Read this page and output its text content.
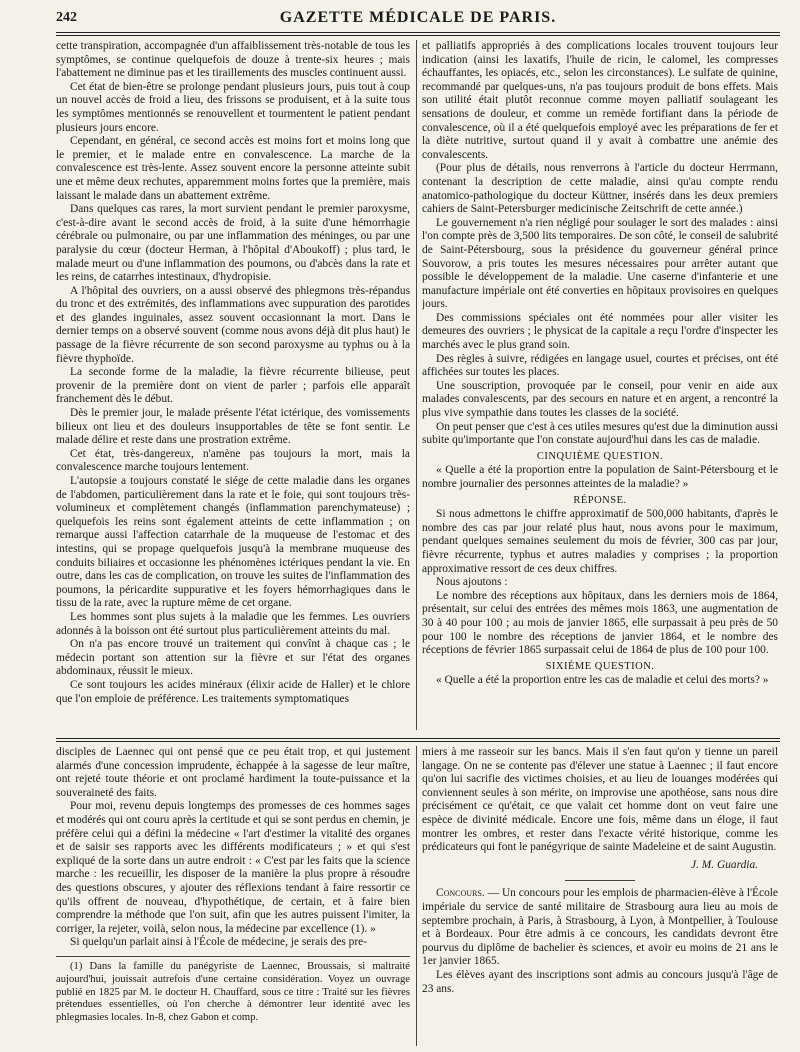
242	GAZETTE MÉDICALE DE PARIS.

cette transpiration, accompagnée d'un affaiblissement très-notable de tous les symptômes, se continue quelquefois de douze à trente-six heures ; mais l'abattement ne diminue pas et les tiraillements des muscles continuent aussi.

Cet état de bien-être se prolonge pendant plusieurs jours, puis tout à coup un nouvel accès de froid a lieu, des frissons se produisent, et à la suite tous les symptômes mentionnés se renouvellent et tourmentent le patient pendant plusieurs jours encore.

Cependant, en général, ce second accès est moins fort et moins long que le premier, et le malade entre en convalescence. La marche de la convalescence est très-lente. Assez souvent encore la personne atteinte subit une et même deux rechutes, apparemment moins fortes que la première, mais laissant le malade dans un abattement extrême.

Dans quelques cas rares, la mort survient pendant le premier paroxysme, c'est-à-dire avant le second accès de froid, à la suite d'une hémorrhagie cérébrale ou pulmonaire, ou par une inflammation des méninges, ou par une paralysie du cœur (docteur Herman, à l'hôpital d'Aboukoff) ; plus tard, le malade meurt ou d'une inflammation des poumons, ou d'abcès dans la rate et les reins, de catarrhes intestinaux, d'hydropisie.

A l'hôpital des ouvriers, on a aussi observé des phlegmons très-répandus du tronc et des extrémités, des inflammations avec suppuration des parotides et des glandes inguinales, assez souvent occasionnant la mort. Dans le dernier temps on a observé souvent (comme nous avons déjà dit plus haut) le passage de la fièvre récurrente de son second paroxysme au typhus ou à la fièvre thyphoïde.

La seconde forme de la maladie, la fièvre récurrente bilieuse, peut provenir de la première dont on vient de parler ; parfois elle apparaît franchement dès le début.

Dès le premier jour, le malade présente l'état ictérique, des vomissements bilieux ont lieu et des douleurs insupportables de tête se font sentir. Le malade délire et reste dans une prostration extrême.

Cet état, très-dangereux, n'amène pas toujours la mort, mais la convalescence marche toujours lentement.

L'autopsie a toujours constaté le siége de cette maladie dans les organes de l'abdomen, particulièrement dans la rate et le foie, qui sont toujours très-volumineux et complètement changés (inflammation parenchymateuse) ; quelquefois les reins sont également atteints de cette inflammation ; on remarque aussi l'affection catarrhale de la muqueuse de l'estomac et des intestins, qui se propage quelquefois jusqu'à la membrane muqueuse des conduits biliaires et occasionne les phénomènes ictériques pendant la vie. En outre, dans les cas de complication, on trouve les suites de l'inflammation des poumons, la péricardite suppurative et les foyers hémorrhagiques dans le tissu de la rate, avec la rupture même de cet organe.

Les hommes sont plus sujets à la maladie que les femmes. Les ouvriers adonnés à la boisson ont été surtout plus particulièrement atteints du mal.

On n'a pas encore trouvé un traitement qui convînt à chaque cas ; le médecin portant son attention sur la fièvre et sur l'état des organes abdominaux, réussit le mieux.

Ce sont toujours les acides minéraux (élixir acide de Haller) et le chlore que l'on emploie de préférence. Les traitements symptomatiques

et palliatifs appropriés à des complications locales trouvent toujours leur indication (ainsi les laxatifs, l'huile de ricin, le calomel, les compresses échauffantes, les opiacés, etc., selon les circonstances). Le sulfate de quinine, recommandé par quelques-uns, n'a pas toujours produit de bons effets. Mais son utilité était plutôt reconnue comme moyen palliatif soulageant les sensations de douleur, et comme un remède fortifiant dans la période de convalescence, où il a été quelquefois employé avec les préparations de fer et la diète nutritive, surtout quand il y avait à combattre une anémie des convalescents.

(Pour plus de détails, nous renverrons à l'article du docteur Herrmann, contenant la description de cette maladie, ainsi qu'au compte rendu anatomico-pathologique du docteur Küttner, insérés dans les deux premiers cahiers de Saint-Petersburger medicinische Zeitschrift de cette année.)

Le gouvernement n'a rien négligé pour soulager le sort des malades : ainsi l'on compte près de 3,500 lits temporaires. De son côté, le conseil de salubrité de Saint-Pétersbourg, sous la présidence du gouverneur général prince Souvorow, a pris toutes les mesures nécessaires pour arrêter autant que possible le développement de la maladie. Une caserne d'infanterie et une manufacture impériale ont été converties en hôpitaux provisoires en quelques jours.

Des commissions spéciales ont été nommées pour aller visiter les demeures des ouvriers ; le physicat de la capitale a reçu l'ordre d'inspecter les marchés avec le plus grand soin.

Des règles à suivre, rédigées en langage usuel, courtes et précises, ont été affichées sur toutes les places.

Une souscription, provoquée par le conseil, pour venir en aide aux malades convalescents, par des secours en nature et en argent, a rencontré la plus vive sympathie dans toutes les classes de la société.

On peut penser que c'est à ces utiles mesures qu'est due la diminution aussi subite qu'importante que l'on constate aujourd'hui dans les cas de maladie.

CINQUIÈME QUESTION.

« Quelle a été la proportion entre la population de Saint-Pétersbourg et le nombre journalier des personnes atteintes de la maladie? »

RÉPONSE.

Si nous admettons le chiffre approximatif de 500,000 habitants, d'après le nombre des cas par jour relaté plus haut, nous avons pour le maximum, pendant quelques semaines seulement du mois de février, 300 cas par jour, fièvre récurrente, typhus et autres maladies y comprises ; la proportion approximative ressort de ces deux chiffres.

Nous ajoutons :

Le nombre des réceptions aux hôpitaux, dans les derniers mois de 1864, présentait, sur celui des entrées des mêmes mois 1863, une augmentation de 30 à 40 pour 100 ; au mois de janvier 1865, elle surpassait à peu près de 50 pour 100 le nombre des réceptions de janvier 1864, et le nombre des réceptions de février 1865 surpassait celui de 1864 de plus de 100 pour 100.

SIXIÈME QUESTION.

« Quelle a été la proportion entre les cas de maladie et celui des morts? »

disciples de Laennec qui ont pensé que ce peu était trop, et qui justement alarmés d'une concession imprudente, échappée à la sagesse de leur maître, ont rejeté toute théorie et ont proclamé hardiment la toute-puissance et la souveraineté des faits.

Pour moi, revenu depuis longtemps des promesses de ces hommes sages et modérés qui ont couru après la certitude et qui se sont perdus en chemin, je préfère celui qui a défini la médecine « l'art d'estimer la vitalité des organes et de saisir ses rapports avec les différents modificateurs ; » et qui s'est expliqué de la sorte dans un autre endroit : « C'est par les faits que la science marche : les recueillir, les disposer de la manière la plus propre à résoudre des questions obscures, y ajouter des réflexions tendant à faire ressortir ce qu'ils offrent de nouveau, d'hypothétique, de certain, et à faire bien comprendre la méthode que l'on suit, afin que les autres puissent l'imiter, la corriger, la rejeter, voilà, selon nous, la médecine par excellence (1). »

Si quelqu'un parlait ainsi à l'École de médecine, je serais des pre-

(1) Dans la famille du panégyriste de Laennec, Broussais, si maltraité aujourd'hui, jouissait autrefois d'une certaine considération. Voyez un ouvrage publié en 1825 par M. le docteur H. Chauffard, sous ce titre : Traité sur les fièvres prétendues essentielles, où l'on cherche à démontrer leur identité avec les phlegmasies locales. In-8, chez Gabon et comp.

miers à me rasseoir sur les bancs. Mais il s'en faut qu'on y tienne un pareil langage. On ne se contente pas d'élever une statue à Laennec ; il faut encore qu'on lui sacrifie des victimes choisies, et au lieu de louanges modérées qui conviennent seules à son mérite, on improvise une apothéose, sans nous dire précisément ce qu'était, ce que valait cet homme dont on veut faire une espèce de divinité médicale. Encore une fois, même dans un éloge, il faut montrer les ombres, et rester dans l'exacte vérité historique, comme les prédicateurs qui font le panégyrique de sainte Madeleine et de saint Augustin.

J. M. Guardia.

Concours. — Un concours pour les emplois de pharmacien-élève à l'École impériale du service de santé militaire de Strasbourg aura lieu au mois de septembre prochain, à Paris, à Strasbourg, à Lyon, à Montpellier, à Toulouse et à Bordeaux. Pour être admis à ce concours, les candidats devront être pourvus du diplôme de bachelier ès sciences, et avoir eu moins de 21 ans le 1er janvier 1865.

Les élèves ayant des inscriptions sont admis au concours jusqu'à l'âge de 23 ans.
